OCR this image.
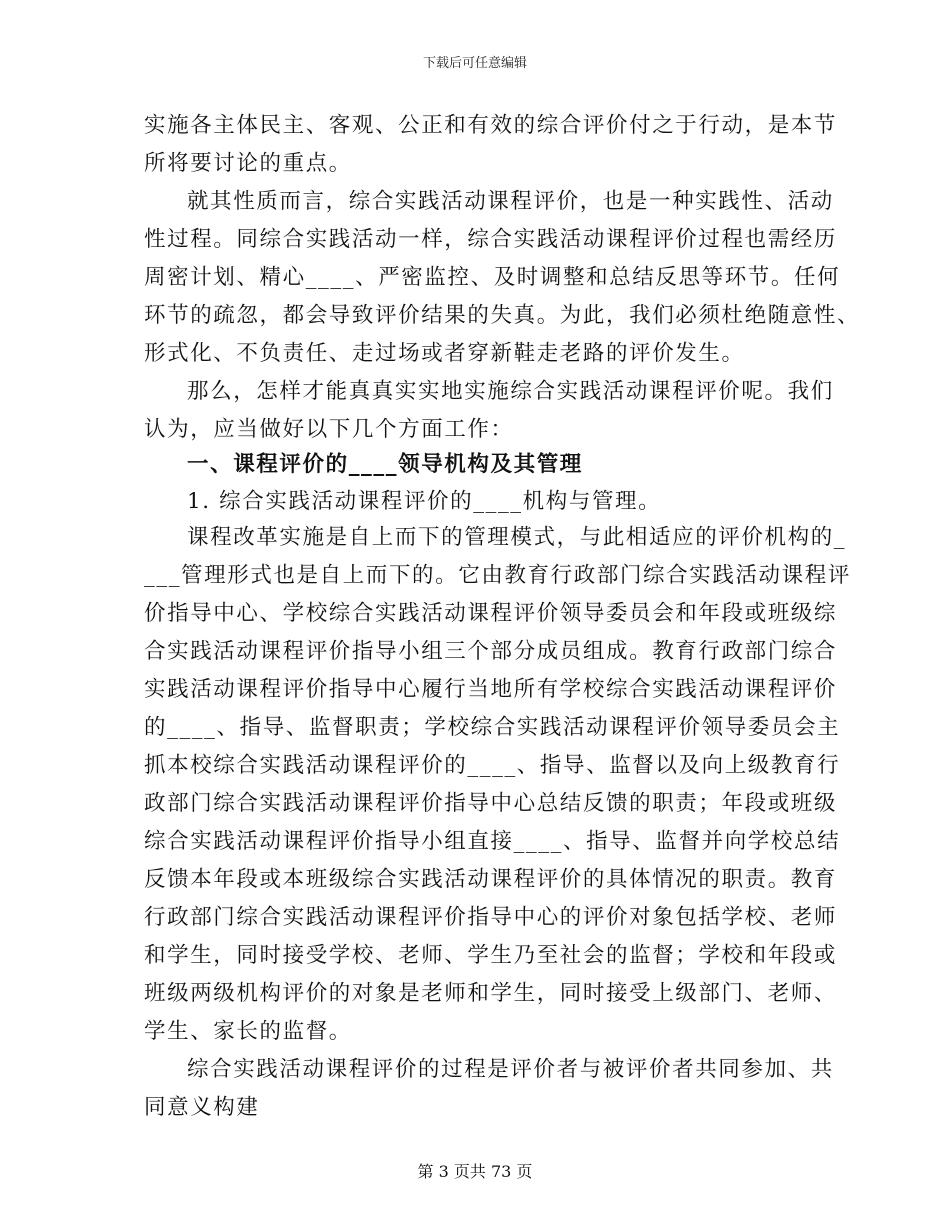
下载后可任意编辑
实施各主体民主、客观、公正和有效的综合评价付之于行动，是本节
所将要讨论的重点。
就其性质而言，综合实践活动课程评价，也是一种实践性、活动
性过程。同综合实践活动一样，综合实践活动课程评价过程也需经历
周密计划、精心____、严密监控、及时调整和总结反思等环节。任何
环节的疏忽，都会导致评价结果的失真。为此，我们必须杜绝随意性、
形式化、不负责任、走过场或者穿新鞋走老路的评价发生。
那么，怎样才能真真实实地实施综合实践活动课程评价呢。我们
认为，应当做好以下几个方面工作：
一、课程评价的____领导机构及其管理
1. 综合实践活动课程评价的____机构与管理。
课程改革实施是自上而下的管理模式，与此相适应的评价机构的_
___管理形式也是自上而下的。它由教育行政部门综合实践活动课程评
价指导中心、学校综合实践活动课程评价领导委员会和年段或班级综
合实践活动课程评价指导小组三个部分成员组成。教育行政部门综合
实践活动课程评价指导中心履行当地所有学校综合实践活动课程评价
的____、指导、监督职责；学校综合实践活动课程评价领导委员会主
抓本校综合实践活动课程评价的____、指导、监督以及向上级教育行
政部门综合实践活动课程评价指导中心总结反馈的职责；年段或班级
综合实践活动课程评价指导小组直接____、指导、监督并向学校总结
反馈本年段或本班级综合实践活动课程评价的具体情况的职责。教育
行政部门综合实践活动课程评价指导中心的评价对象包括学校、老师
和学生，同时接受学校、老师、学生乃至社会的监督；学校和年段或
班级两级机构评价的对象是老师和学生，同时接受上级部门、老师、
学生、家长的监督。
综合实践活动课程评价的过程是评价者与被评价者共同参加、共
同意义构建
第 3 页共 73 页
